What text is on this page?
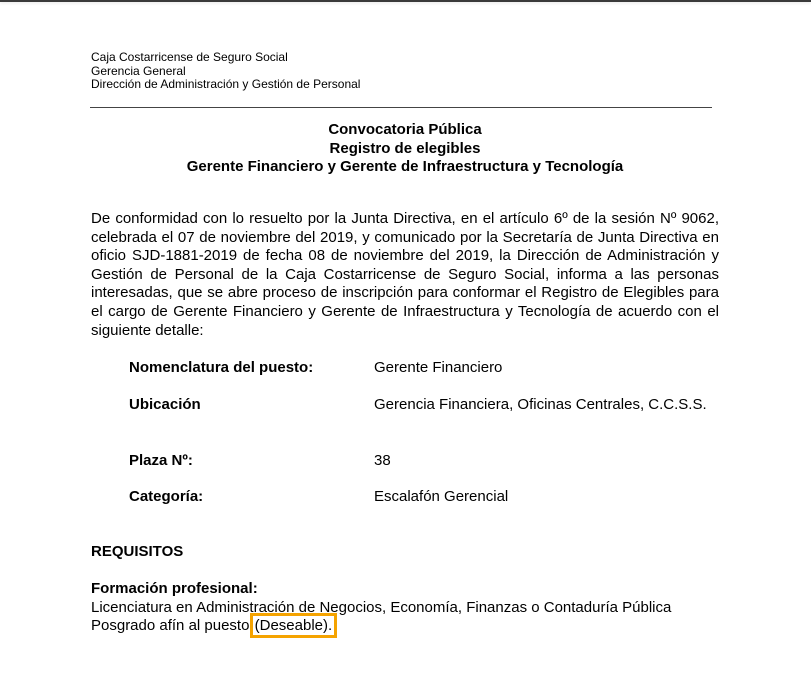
Caja Costarricense de Seguro Social
Gerencia General
Dirección de Administración y Gestión de Personal
Convocatoria Pública
Registro de elegibles
Gerente Financiero y Gerente de Infraestructura y Tecnología

De conformidad con lo resuelto por la Junta Directiva, en el artículo 6º de la sesión Nº 9062, celebrada el 07 de noviembre del 2019, y comunicado por la Secretaría de Junta Directiva en oficio SJD-1881-2019 de fecha 08 de noviembre del 2019, la Dirección de Administración y Gestión de Personal de la Caja Costarricense de Seguro Social, informa a las personas interesadas, que se abre proceso de inscripción para conformar el Registro de Elegibles para el cargo de Gerente Financiero y Gerente de Infraestructura y Tecnología de acuerdo con el siguiente detalle:

Nomenclatura del puesto:	Gerente Financiero
Ubicación	Gerencia Financiera, Oficinas Centrales, C.C.S.S.
Plaza Nº:	38
Categoría:	Escalafón Gerencial
REQUISITOS
Formación profesional:
Licenciatura en Administración de Negocios, Economía, Finanzas o Contaduría Pública
Posgrado afín al puesto (Deseable).
